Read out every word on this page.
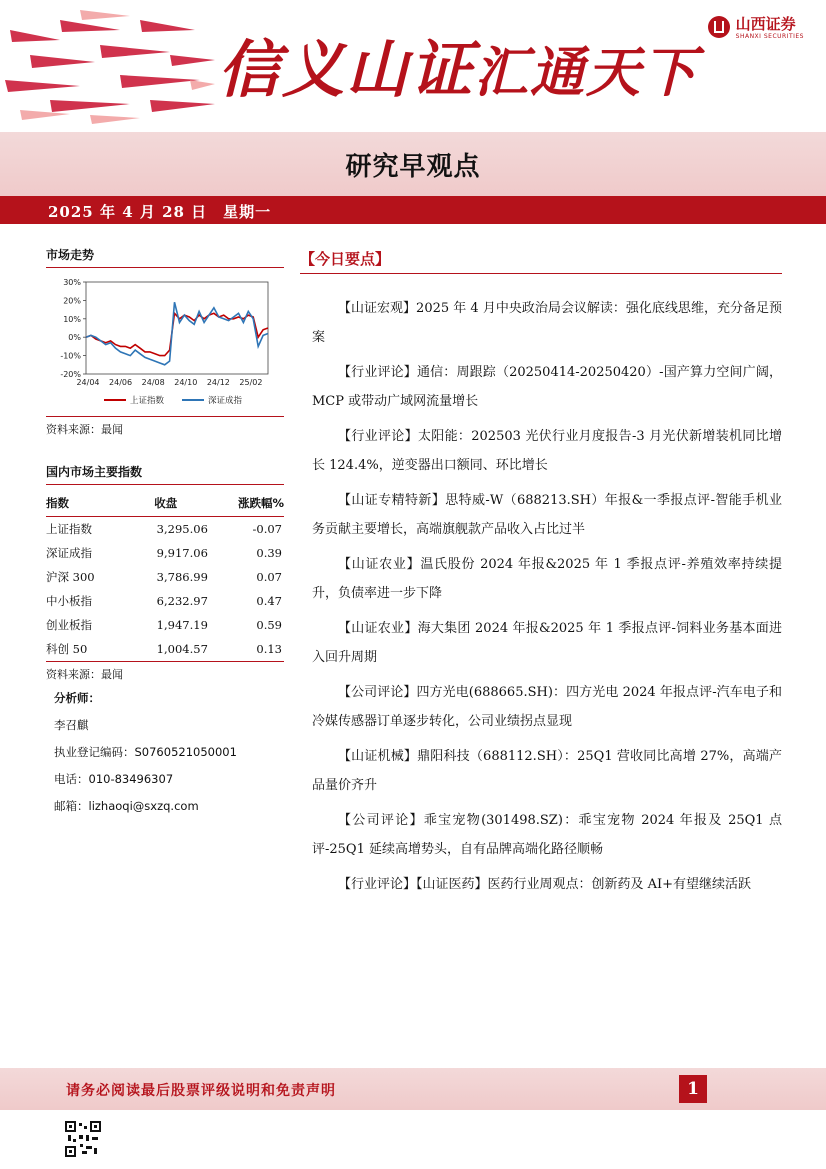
信义山证汇通天下
山西证券
SHANXI SECURITIES
研究早观点
2025 年 4 月 28 日　星期一
市场走势
30%
20%
10%
0%
-10%
-20%
24/04 24/06 24/08 24/10 24/12 25/02
上证指数	深证成指
资料来源：最闻
国内市场主要指数
指数	收盘	涨跌幅%
上证指数	3,295.06	-0.07
深证成指	9,917.06	0.39
沪深 300	3,786.99	0.07
中小板指	6,232.97	0.47
创业板指	1,947.19	0.59
科创 50	1,004.57	0.13
资料来源：最闻
分析师：
李召麒
执业登记编码：S0760521050001
电话：010-83496307
邮箱：lizhaoqi@sxzq.com
【今日要点】

【山证宏观】2025 年 4 月中央政治局会议解读：强化底线思维，充分备足预案

【行业评论】通信：周跟踪（20250414-20250420）-国产算力空间广阔，MCP 或带动广域网流量增长

【行业评论】太阳能：202503 光伏行业月度报告-3 月光伏新增装机同比增长 124.4%，逆变器出口额同、环比增长

【山证专精特新】思特威-W（688213.SH）年报&一季报点评-智能手机业务贡献主要增长，高端旗舰款产品收入占比过半

【山证农业】温氏股份 2024 年报&2025 年 1 季报点评-养殖效率持续提升，负债率进一步下降

【山证农业】海大集团 2024 年报&2025 年 1 季报点评-饲料业务基本面进入回升周期

【公司评论】四方光电(688665.SH)：四方光电 2024 年报点评-汽车电子和冷媒传感器订单逐步转化，公司业绩拐点显现

【山证机械】鼎阳科技（688112.SH）：25Q1 营收同比高增 27%，高端产品量价齐升

【公司评论】乖宝宠物(301498.SZ)：乖宝宠物 2024 年报及 25Q1 点评-25Q1 延续高增势头，自有品牌高端化路径顺畅

【行业评论】【山证医药】医药行业周观点：创新药及 AI+有望继续活跃

请务必阅读最后股票评级说明和免责声明	1
